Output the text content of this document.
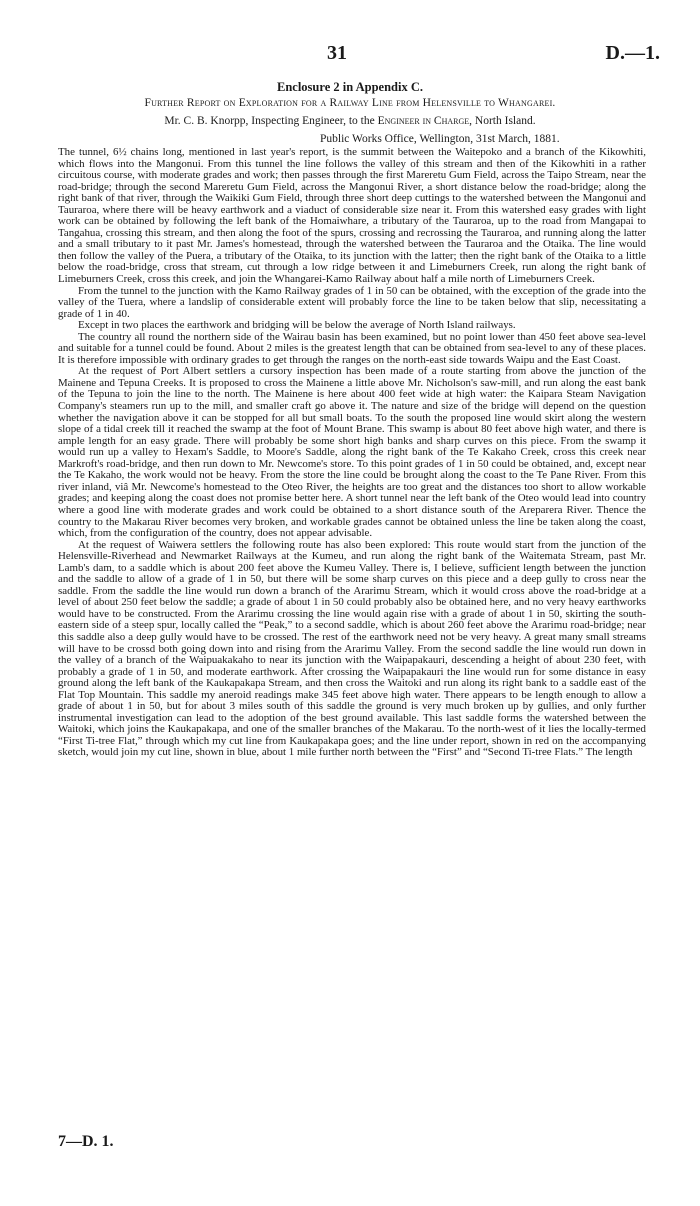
31	D.—1.
Enclosure 2 in Appendix C.
Further Report on Exploration for a Railway Line from Helensville to Whangarei.
Mr. C. B. Knorpp, Inspecting Engineer, to the Engineer in Charge, North Island.
Public Works Office, Wellington, 31st March, 1881.

The tunnel, 6½ chains long, mentioned in last year's report, is the summit between the Waitepoko and a branch of the Kikowhiti, which flows into the Mangonui. From this tunnel the line follows the valley of this stream and then of the Kikowhiti in a rather circuitous course, with moderate grades and work; then passes through the first Mareretu Gum Field, across the Taipo Stream, near the road-bridge; through the second Mareretu Gum Field, across the Mangonui River, a short distance below the road-bridge; along the right bank of that river, through the Waikiki Gum Field, through three short deep cuttings to the watershed between the Mangonui and Tauraroa, where there will be heavy earthwork and a viaduct of considerable size near it. From this watershed easy grades with light work can be obtained by following the left bank of the Homaiwhare, a tributary of the Tauraroa, up to the road from Mangapai to Tangahua, crossing this stream, and then along the foot of the spurs, crossing and recrossing the Tauraroa, and running along the latter and a small tributary to it past Mr. James's homestead, through the watershed between the Tauraroa and the Otaika. The line would then follow the valley of the Puera, a tributary of the Otaika, to its junction with the latter; then the right bank of the Otaika to a little below the road-bridge, cross that stream, cut through a low ridge between it and Limeburners Creek, run along the right bank of Limeburners Creek, cross this creek, and join the Whangarei-Kamo Railway about half a mile north of Limeburners Creek.

From the tunnel to the junction with the Kamo Railway grades of 1 in 50 can be obtained, with the exception of the grade into the valley of the Tuera, where a landslip of considerable extent will probably force the line to be taken below that slip, necessitating a grade of 1 in 40.

Except in two places the earthwork and bridging will be below the average of North Island railways.

The country all round the northern side of the Wairau basin has been examined, but no point lower than 450 feet above sea-level and suitable for a tunnel could be found. About 2 miles is the greatest length that can be obtained from sea-level to any of these places. It is therefore impossible with ordinary grades to get through the ranges on the north-east side towards Waipu and the East Coast.

At the request of Port Albert settlers a cursory inspection has been made of a route starting from above the junction of the Mainene and Tepuna Creeks. It is proposed to cross the Mainene a little above Mr. Nicholson's saw-mill, and run along the east bank of the Tepuna to join the line to the north. The Mainene is here about 400 feet wide at high water: the Kaipara Steam Navigation Company's steamers run up to the mill, and smaller craft go above it. The nature and size of the bridge will depend on the question whether the navigation above it can be stopped for all but small boats. To the south the proposed line would skirt along the western slope of a tidal creek till it reached the swamp at the foot of Mount Brane. This swamp is about 80 feet above high water, and there is ample length for an easy grade. There will probably be some short high banks and sharp curves on this piece. From the swamp it would run up a valley to Hexam's Saddle, to Moore's Saddle, along the right bank of the Te Kakaho Creek, cross this creek near Markroft's road-bridge, and then run down to Mr. Newcome's store. To this point grades of 1 in 50 could be obtained, and, except near the Te Kakaho, the work would not be heavy. From the store the line could be brought along the coast to the Te Pane River. From this river inland, viâ Mr. Newcome's homestead to the Oteo River, the heights are too great and the distances too short to allow workable grades; and keeping along the coast does not promise better here. A short tunnel near the left bank of the Oteo would lead into country where a good line with moderate grades and work could be obtained to a short distance south of the Areparera River. Thence the country to the Makarau River becomes very broken, and workable grades cannot be obtained unless the line be taken along the coast, which, from the configuration of the country, does not appear advisable.

At the request of Waiwera settlers the following route has also been explored: This route would start from the junction of the Helensville-Riverhead and Newmarket Railways at the Kumeu, and run along the right bank of the Waitemata Stream, past Mr. Lamb's dam, to a saddle which is about 200 feet above the Kumeu Valley. There is, I believe, sufficient length between the junction and the saddle to allow of a grade of 1 in 50, but there will be some sharp curves on this piece and a deep gully to cross near the saddle. From the saddle the line would run down a branch of the Ararimu Stream, which it would cross above the road-bridge at a level of about 250 feet below the saddle; a grade of about 1 in 50 could probably also be obtained here, and no very heavy earthworks would have to be constructed. From the Ararimu crossing the line would again rise with a grade of about 1 in 50, skirting the south-eastern side of a steep spur, locally called the “Peak,” to a second saddle, which is about 260 feet above the Ararimu road-bridge; near this saddle also a deep gully would have to be crossed. The rest of the earthwork need not be very heavy. A great many small streams will have to be crossd both going down into and rising from the Ararimu Valley. From the second saddle the line would run down in the valley of a branch of the Waipuakakaho to near its junction with the Waipapakauri, descending a height of about 230 feet, with probably a grade of 1 in 50, and moderate earthwork. After crossing the Waipapakauri the line would run for some distance in easy ground along the left bank of the Kaukapakapa Stream, and then cross the Waitoki and run along its right bank to a saddle east of the Flat Top Mountain. This saddle my aneroid readings make 345 feet above high water. There appears to be length enough to allow a grade of about 1 in 50, but for about 3 miles south of this saddle the ground is very much broken up by gullies, and only further instrumental investigation can lead to the adoption of the best ground available. This last saddle forms the watershed between the Waitoki, which joins the Kaukapakapa, and one of the smaller branches of the Makarau. To the north-west of it lies the locally-termed “First Ti-tree Flat,” through which my cut line from Kaukapakapa goes; and the line under report, shown in red on the accompanying sketch, would join my cut line, shown in blue, about 1 mile further north between the “First” and “Second Ti-tree Flats.” The length

7—D. 1.
